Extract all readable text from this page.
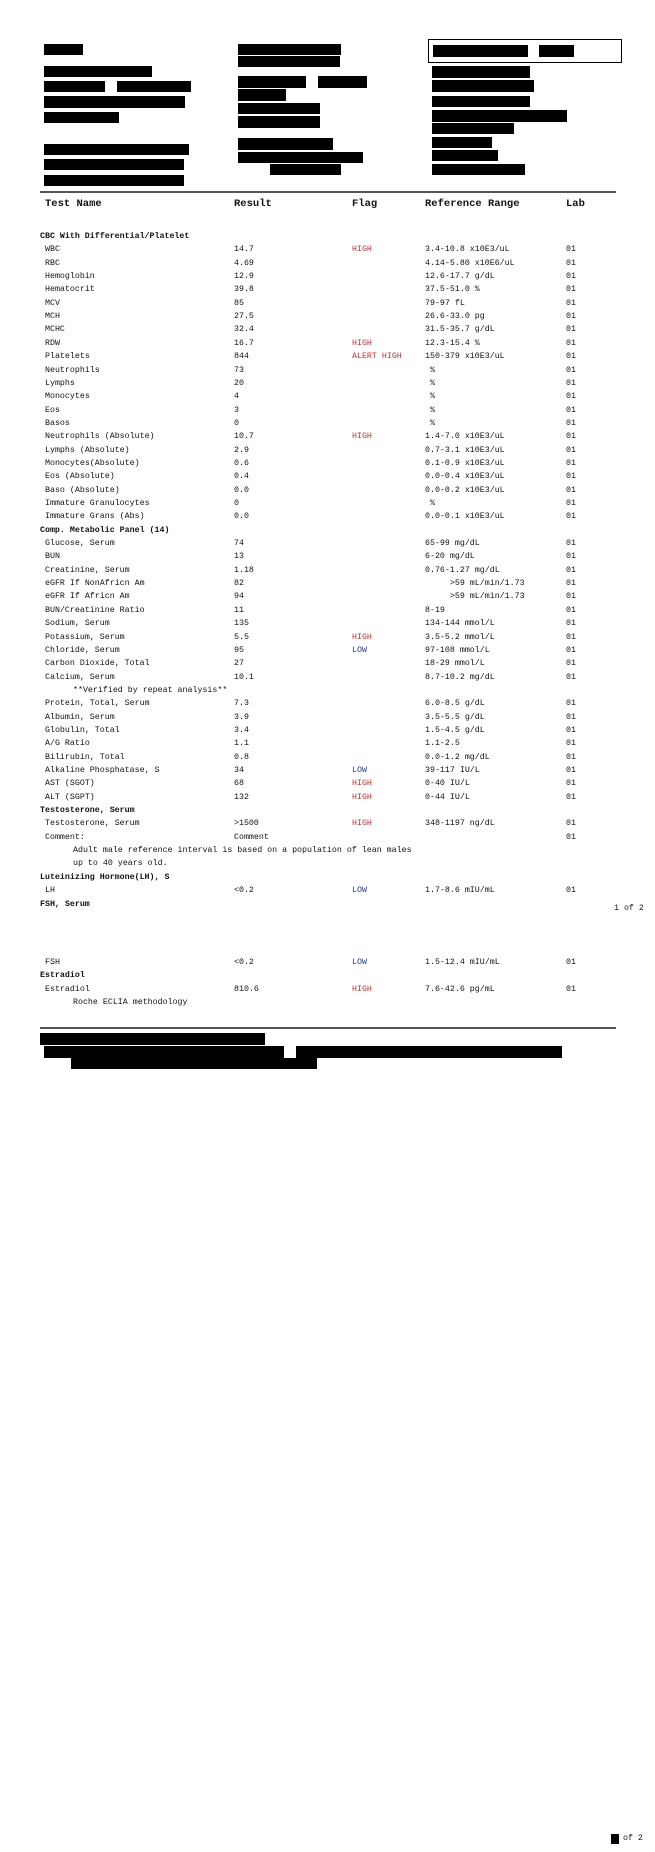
Test Name	Result	Flag	Reference Range	Lab
CBC With Differential/Platelet
WBC	14.7	HIGH	3.4-10.8 x10E3/uL	01
RBC	4.69	4.14-5.80 x10E6/uL	01
Hemoglobin	12.9	12.6-17.7 g/dL	01
Hematocrit	39.8	37.5-51.0 %	01
MCV	85	79-97 fL	01
MCH	27.5	26.6-33.0 pg	01
MCHC	32.4	31.5-35.7 g/dL	01
RDW	16.7	HIGH	12.3-15.4 %	01
Platelets	844	ALERT HIGH	150-379 x10E3/uL	01
Neutrophils	73	%	01
Lymphs	20	%	01
Monocytes	4	%	01
Eos	3	%	01
Basos	0	%	01
Neutrophils (Absolute)	10.7	HIGH	1.4-7.0 x10E3/uL	01
Lymphs (Absolute)	2.9	0.7-3.1 x10E3/uL	01
Monocytes(Absolute)	0.6	0.1-0.9 x10E3/uL	01
Eos (Absolute)	0.4	0.0-0.4 x10E3/uL	01
Baso (Absolute)	0.0	0.0-0.2 x10E3/uL	01
Immature Granulocytes	0	%	01
Immature Grans (Abs)	0.0	0.0-0.1 x10E3/uL	01
Comp. Metabolic Panel (14)
Glucose, Serum	74	65-99 mg/dL	01
BUN	13	6-20 mg/dL	01
Creatinine, Serum	1.18	0.76-1.27 mg/dL	01
eGFR If NonAfricn Am	82	>59 mL/min/1.73	01
eGFR If Africn Am	94	>59 mL/min/1.73	01
BUN/Creatinine Ratio	11	8-19	01
Sodium, Serum	135	134-144 mmol/L	01
Potassium, Serum	5.5	HIGH	3.5-5.2 mmol/L	01
Chloride, Serum	95	LOW	97-108 mmol/L	01
Carbon Dioxide, Total	27	18-29 mmol/L	01
Calcium, Serum	10.1	8.7-10.2 mg/dL	01
**Verified by repeat analysis**
Protein, Total, Serum	7.3	6.0-8.5 g/dL	01
Albumin, Serum	3.9	3.5-5.5 g/dL	01
Globulin, Total	3.4	1.5-4.5 g/dL	01
A/G Ratio	1.1	1.1-2.5	01
Bilirubin, Total	0.8	0.0-1.2 mg/dL	01
Alkaline Phosphatase, S	34	LOW	39-117 IU/L	01
AST (SGOT)	68	HIGH	0-40 IU/L	01
ALT (SGPT)	132	HIGH	0-44 IU/L	01
Testosterone, Serum
Testosterone, Serum	>1500	HIGH	348-1197 ng/dL	01
Comment:	Comment	01
Adult male reference interval is based on a population of lean males
up to 40 years old.
Luteinizing Hormone(LH), S
LH	<0.2	LOW	1.7-8.6 mIU/mL	01
FSH, Serum	1 of 2
FSH	<0.2	LOW	1.5-12.4 mIU/mL	01
Estradiol
Estradiol	810.6	HIGH	7.6-42.6 pg/mL	01
Roche ECLIA methodology
of 2
